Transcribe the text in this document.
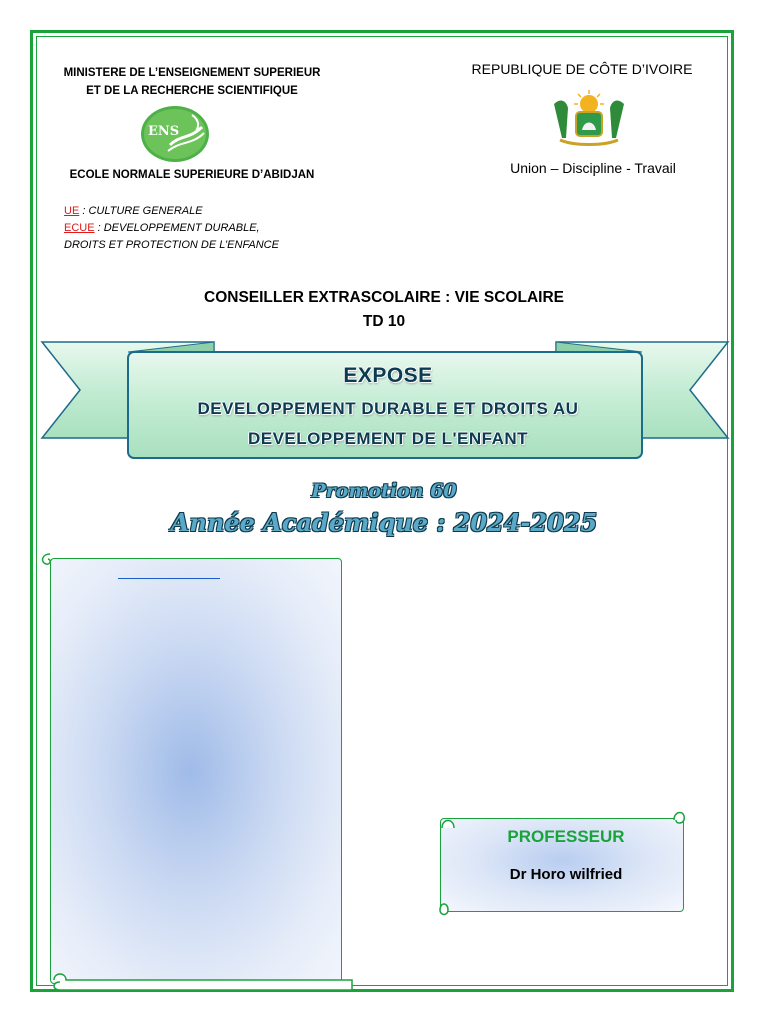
MINISTERE DE L’ENSEIGNEMENT SUPERIEUR
ET DE LA RECHERCHE SCIENTIFIQUE
ENS
ECOLE NORMALE SUPERIEURE D’ABIDJAN
REPUBLIQUE DE CÔTE D’IVOIRE
Union – Discipline - Travail
UE : CULTURE GENERALE
ECUE : DEVELOPPEMENT DURABLE,
DROITS ET PROTECTION DE L’ENFANCE
CONSEILLER EXTRASCOLAIRE : VIE SCOLAIRE
TD 10
EXPOSE
DEVELOPPEMENT DURABLE ET DROITS AU
DEVELOPPEMENT DE L'ENFANT
Promotion 60
Année Académique : 2024-2025
PROFESSEUR
Dr Horo wilfried
